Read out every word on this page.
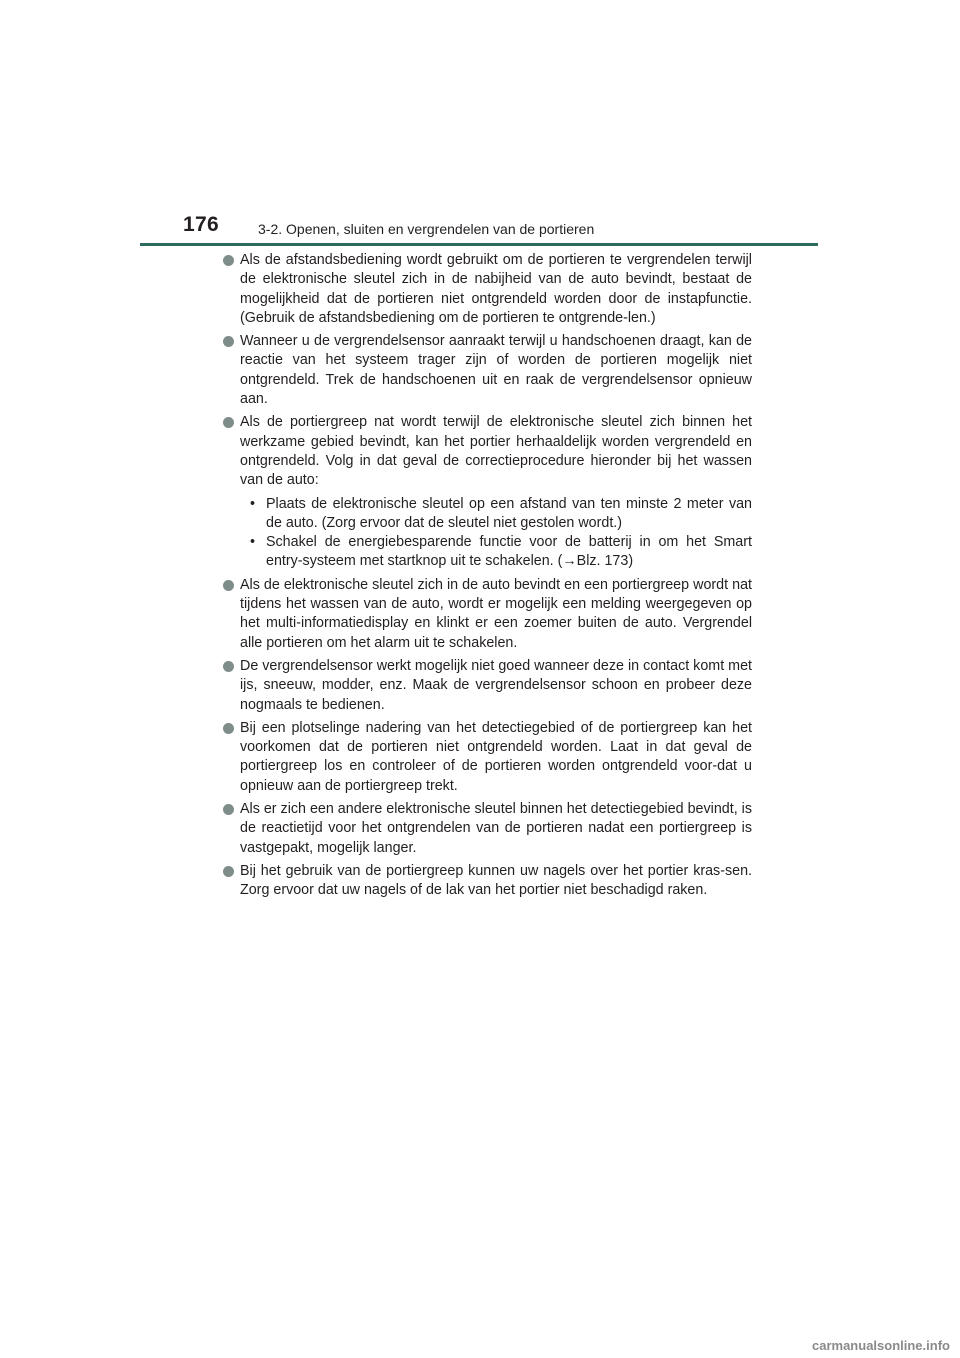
176	3-2. Openen, sluiten en vergrendelen van de portieren
Als de afstandsbediening wordt gebruikt om de portieren te vergrendelen terwijl de elektronische sleutel zich in de nabijheid van de auto bevindt, bestaat de mogelijkheid dat de portieren niet ontgrendeld worden door de instapfunctie. (Gebruik de afstandsbediening om de portieren te ontgrende-len.)
Wanneer u de vergrendelsensor aanraakt terwijl u handschoenen draagt, kan de reactie van het systeem trager zijn of worden de portieren mogelijk niet ontgrendeld. Trek de handschoenen uit en raak de vergrendelsensor opnieuw aan.
Als de portiergreep nat wordt terwijl de elektronische sleutel zich binnen het werkzame gebied bevindt, kan het portier herhaaldelijk worden vergrendeld en ontgrendeld. Volg in dat geval de correctieprocedure hieronder bij het wassen van de auto:
• Plaats de elektronische sleutel op een afstand van ten minste 2 meter van de auto. (Zorg ervoor dat de sleutel niet gestolen wordt.)
• Schakel de energiebesparende functie voor de batterij in om het Smart entry-systeem met startknop uit te schakelen. (→Blz. 173)
Als de elektronische sleutel zich in de auto bevindt en een portiergreep wordt nat tijdens het wassen van de auto, wordt er mogelijk een melding weergegeven op het multi-informatiedisplay en klinkt er een zoemer buiten de auto. Vergrendel alle portieren om het alarm uit te schakelen.
De vergrendelsensor werkt mogelijk niet goed wanneer deze in contact komt met ijs, sneeuw, modder, enz. Maak de vergrendelsensor schoon en probeer deze nogmaals te bedienen.
Bij een plotselinge nadering van het detectiegebied of de portiergreep kan het voorkomen dat de portieren niet ontgrendeld worden. Laat in dat geval de portiergreep los en controleer of de portieren worden ontgrendeld voor-dat u opnieuw aan de portiergreep trekt.
Als er zich een andere elektronische sleutel binnen het detectiegebied bevindt, is de reactietijd voor het ontgrendelen van de portieren nadat een portiergreep is vastgepakt, mogelijk langer.
Bij het gebruik van de portiergreep kunnen uw nagels over het portier kras-sen. Zorg ervoor dat uw nagels of de lak van het portier niet beschadigd raken.
carmanualsonline.info
